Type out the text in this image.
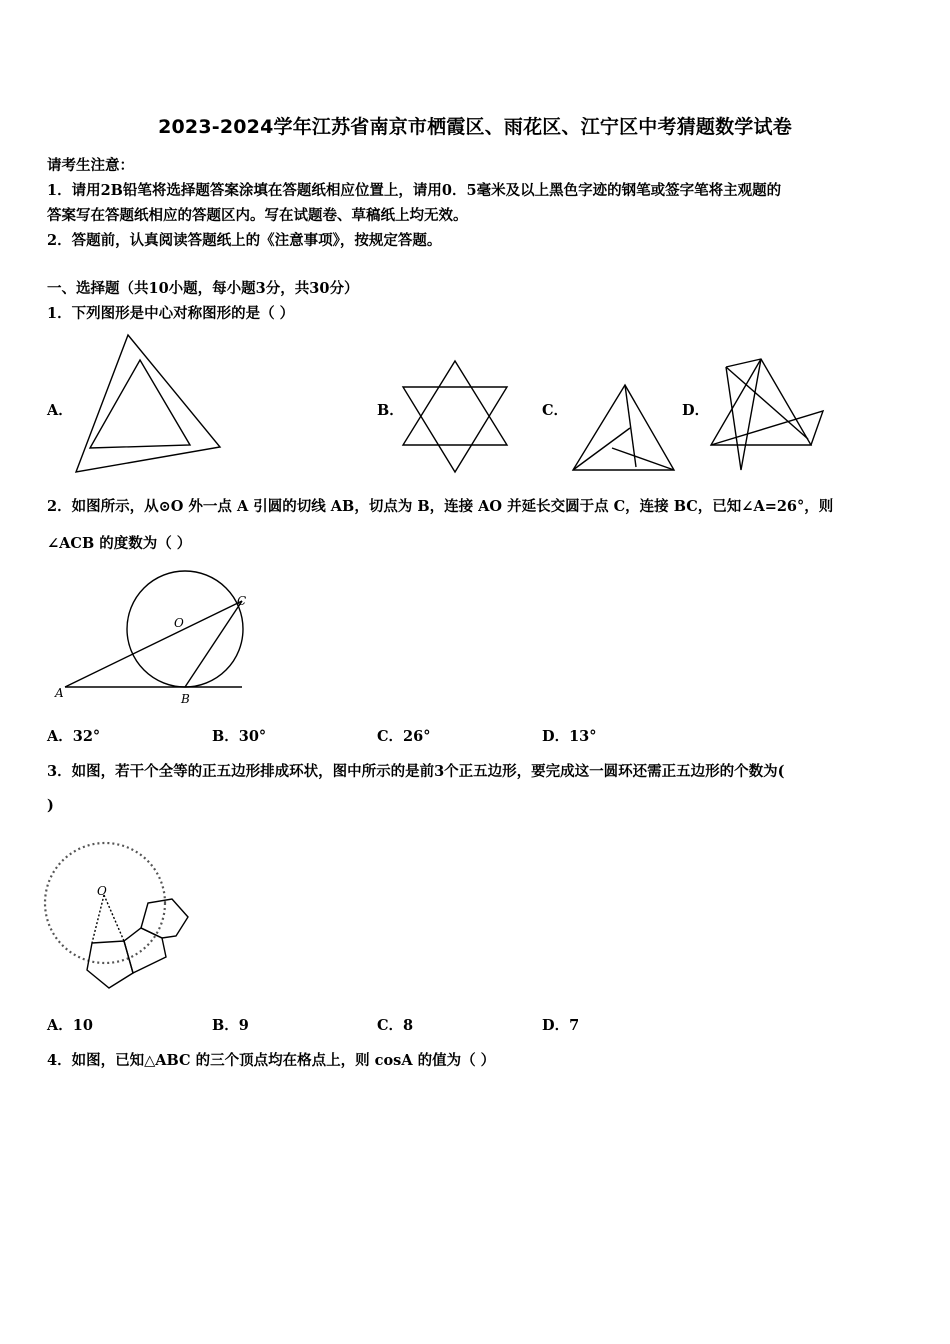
2023-2024学年江苏省南京市栖霞区、雨花区、江宁区中考猜题数学试卷
请考生注意：
1．请用2B铅笔将选择题答案涂填在答题纸相应位置上，请用0．5毫米及以上黑色字迹的钢笔或签字笔将主观题的
答案写在答题纸相应的答题区内。写在试题卷、草稿纸上均无效。
2．答题前，认真阅读答题纸上的《注意事项》，按规定答题。
一、选择题（共10小题，每小题3分，共30分）
1．下列图形是中心对称图形的是（ ）
A．	B．	C．	D．
2．如图所示，从⊙O 外一点 A 引圆的切线 AB，切点为 B，连接 AO 并延长交圆于点 C，连接 BC，已知∠A=26°，则
∠ACB 的度数为（ ）
O
C
A	B
A．32°	B．30°	C．26°	D．13°
3．如图，若干个全等的正五边形排成环状，图中所示的是前3个正五边形，要完成这一圆环还需正五边形的个数为(
)
O
A．10	B．9	C．8	D．7
4．如图，已知△ABC 的三个顶点均在格点上，则 cosA 的值为（ ）
